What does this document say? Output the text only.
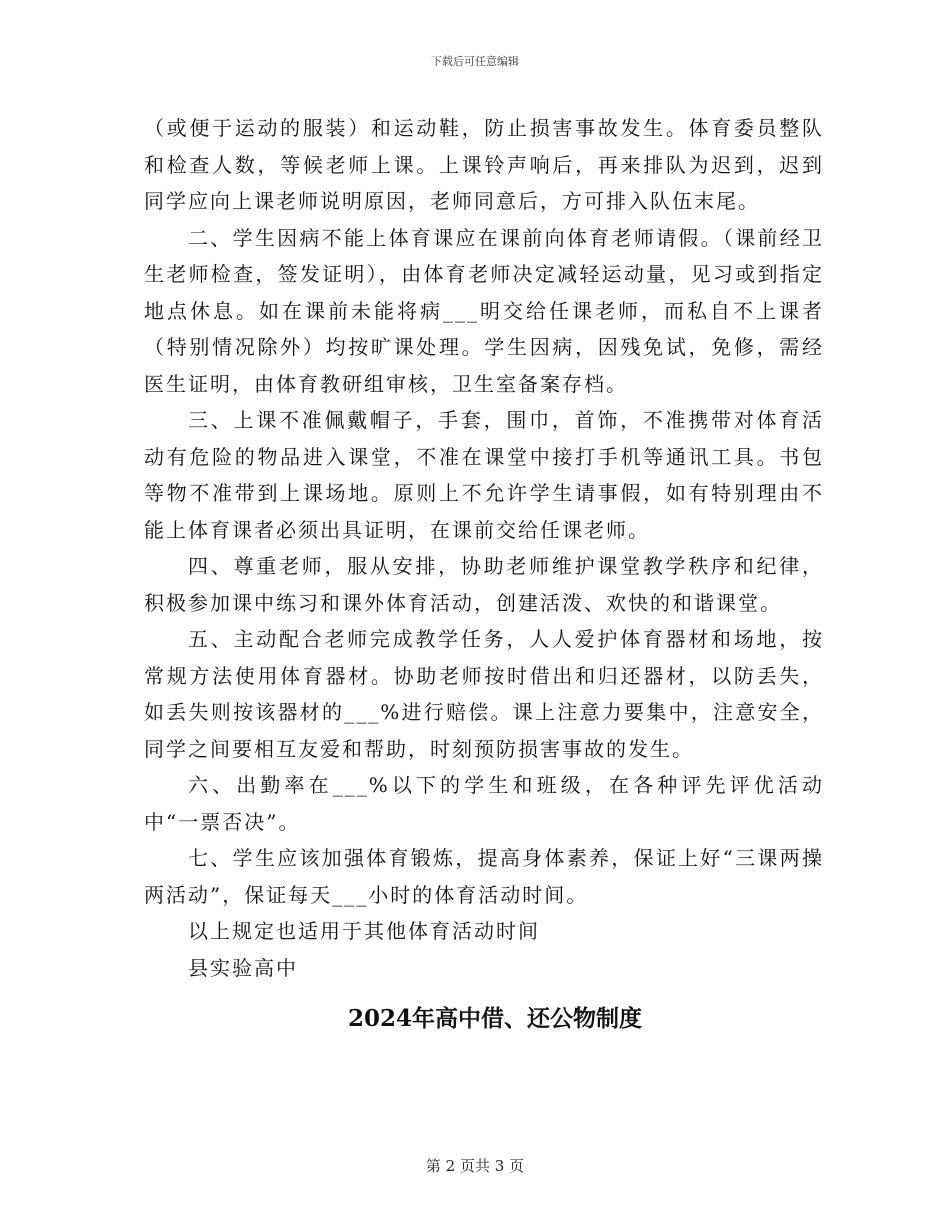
下载后可任意编辑

（或便于运动的服装）和运动鞋，防止损害事故发生。体育委员整队和检查人数，等候老师上课。上课铃声响后，再来排队为迟到，迟到同学应向上课老师说明原因，老师同意后，方可排入队伍末尾。

二、学生因病不能上体育课应在课前向体育老师请假。（课前经卫生老师检查，签发证明），由体育老师决定减轻运动量，见习或到指定地点休息。如在课前未能将病___明交给任课老师，而私自不上课者（特别情况除外）均按旷课处理。学生因病，因残免试，免修，需经医生证明，由体育教研组审核，卫生室备案存档。

三、上课不准佩戴帽子，手套，围巾，首饰，不准携带对体育活动有危险的物品进入课堂，不准在课堂中接打手机等通讯工具。书包等物不准带到上课场地。原则上不允许学生请事假，如有特别理由不能上体育课者必须出具证明，在课前交给任课老师。

四、尊重老师，服从安排，协助老师维护课堂教学秩序和纪律，积极参加课中练习和课外体育活动，创建活泼、欢快的和谐课堂。

五、主动配合老师完成教学任务，人人爱护体育器材和场地，按常规方法使用体育器材。协助老师按时借出和归还器材，以防丢失，如丢失则按该器材的___%进行赔偿。课上注意力要集中，注意安全，同学之间要相互友爱和帮助，时刻预防损害事故的发生。

六、出勤率在___%以下的学生和班级，在各种评先评优活动中“一票否决”。

七、学生应该加强体育锻炼，提高身体素养，保证上好“三课两操两活动”，保证每天___小时的体育活动时间。

以上规定也适用于其他体育活动时间

县实验高中

2024年高中借、还公物制度
第 2 页共 3 页
